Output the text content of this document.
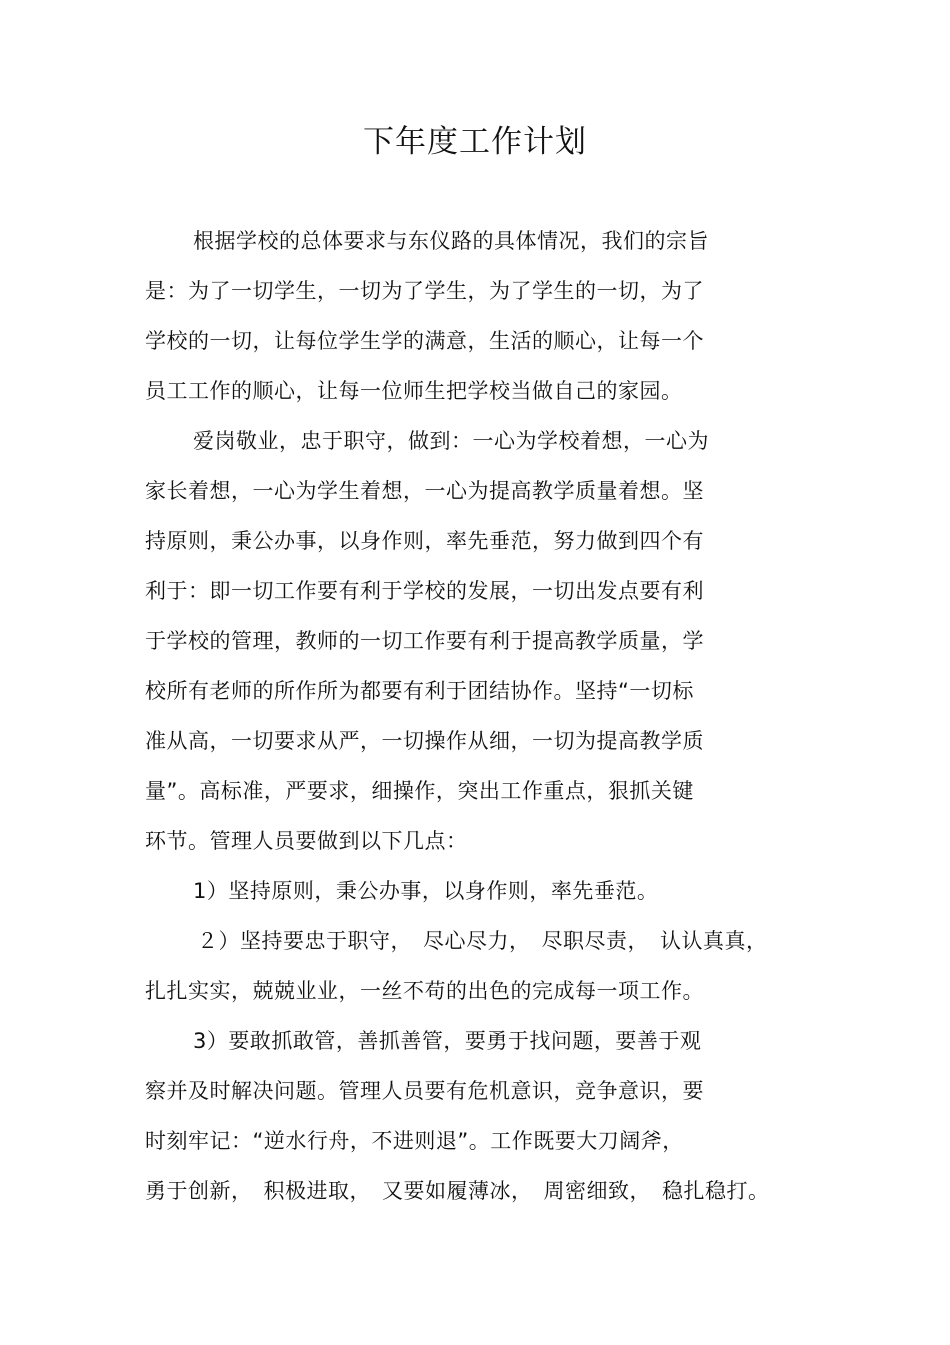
下年度工作计划
根据学校的总体要求与东仪路的具体情况，我们的宗旨
是：为了一切学生，一切为了学生，为了学生的一切，为了
学校的一切，让每位学生学的满意，生活的顺心，让每一个
员工工作的顺心，让每一位师生把学校当做自己的家园。
爱岗敬业，忠于职守，做到：一心为学校着想，一心为
家长着想，一心为学生着想，一心为提高教学质量着想。坚
持原则，秉公办事，以身作则，率先垂范，努力做到四个有
利于：即一切工作要有利于学校的发展，一切出发点要有利
于学校的管理，教师的一切工作要有利于提高教学质量，学
校所有老师的所作所为都要有利于团结协作。坚持“一切标
准从高，一切要求从严，一切操作从细，一切为提高教学质
量”。高标准，严要求，细操作，突出工作重点，狠抓关键
环节。管理人员要做到以下几点：
1）坚持原则，秉公办事，以身作则，率先垂范。
２）坚持要忠于职守，　尽心尽力，　尽职尽责，　认认真真，
扎扎实实，兢兢业业，一丝不苟的出色的完成每一项工作。
3）要敢抓敢管，善抓善管，要勇于找问题，要善于观
察并及时解决问题。管理人员要有危机意识，竞争意识，要
时刻牢记：“逆水行舟，不进则退”。工作既要大刀阔斧，
勇于创新，　积极进取，　又要如履薄冰，　周密细致，　稳扎稳打。
